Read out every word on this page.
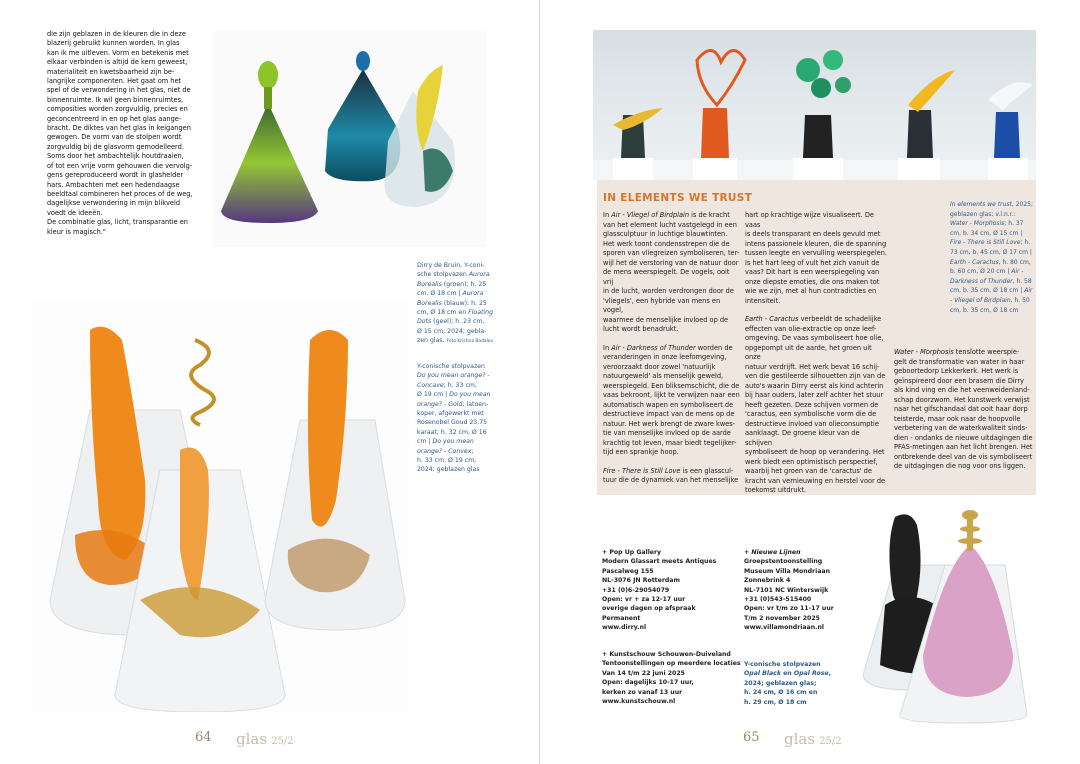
die zijn geblazen in de kleuren die in deze
blazerij gebruikt kunnen worden. In glas
kan ik me uitleven. Vorm en betekenis met
elkaar verbinden is altijd de kern geweest,
materialiteit en kwetsbaarheid zijn be-
langrijke componenten. Het gaat om het
spel of de verwondering in het glas, niet de
binnenruimte. Ik wil geen binnenruimtes,
composities worden zorgvuldig, precies en
geconcentreerd in en op het glas aange-
bracht. De diktes van het glas in keigangen
gewogen. De vorm van de stolpen wordt
zorgvuldig bij de glasvorm gemodelleerd.
Soms door het ambachtelijk houtdraaien,
of tot een vrije vorm gehouwen die vervolg-
gens gereproduceerd wordt in glashelder
hars. Ambachten met een hedendaagse
beeldtaal combineren het proces of de weg,
dagelijkse verwondering in mijn blikveld
voedt de ideeën.
De combinatie glas, licht, transparantie en
kleur is magisch."
Dirry de Bruin, Y-coni-
sche stolpvazen Aurora
Borealis (groen); h. 25
cm, Ø 18 cm | Aurora
Borealis (blauw); h. 25
cm, Ø 18 cm en Floating
Dots (geel); h. 23 cm,
Ø 15 cm; 2024; gebla-
zen glas. Foto Kristina Badalov
Y-conische stolpvazen
Do you mean orange? -
Concave; h. 33 cm,
Ø 19 cm | Do you mean
orange? - Gold; latoen-
koper, afgewerkt met
Rosenobel Goud 23,75
karaat; h. 32 cm, Ø 16
cm | Do you mean
orange? - Convex;
h. 33 cm, Ø 19 cm;
2024; geblazen glas
64 glas 25/2
IN ELEMENTS WE TRUST

In Air - Vliegel of Birdplain is de kracht
van het element lucht vastgelegd in een
glassculptuur in luchtige blauwtinten.
Het werk toont condensstrepen die de
sporen van vliegreizen symboliseren, ter-
wijl het de verstoring van de natuur door
de mens weerspiegelt. De vogels, ooit vrij
in de lucht, worden verdrongen door de
'vliegels', een hybride van mens en vogel,
waarmee de menselijke invloed op de
lucht wordt benadrukt.

In Air - Darkness of Thunder worden de
veranderingen in onze leefomgeving,
veroorzaakt door zowel 'natuurlijk
natuurgeweld' als menselijk geweld,
weerspiegeld. Een bliksemschicht, die de
vaas bekroont, lijkt te verwijzen naar een
automatisch wapen en symboliseert de
destructieve impact van de mens op de
natuur. Het werk brengt de zware kwes-
tie van menselijke invloed op de aarde
krachtig tot leven, maar biedt tegelijker-
tijd een sprankje hoop.

Fire - There is Still Love is een glasscul-
tuur die de dynamiek van het menselijke

hart op krachtige wijze visualiseert. De vaas
is deels transparant en deels gevuld met
intens passionele kleuren, die de spanning
tussen leegte en vervulling weerspiegelen.
Is het hart leeg of vult het zich vanuit de
vaas? Dit hart is een weerspiegeling van
onze diepste emoties, die ons maken tot
wie we zijn, met al hun contradicties en
intensiteit.

Earth - Caractus verbeeldt de schadelijke
effecten van olie-extractie op onze leef-
omgeving. De vaas symboliseert hoe olie,
opgepompt uit de aarde, het groen uit onze
natuur verdrijft. Het werk bevat 16 schij-
ven die gestileerde silhouetten zijn van de
auto's waarin Dirry eerst als kind achterin
bij haar ouders, later zelf achter het stuur
heeft gezeten. Deze schijven vormen de
'caractus, een symbolische vorm die de
destructieve invloed van olieconsumptie
aanklaagt. De groene kleur van de schijven
symboliseert de hoop op verandering. Het
werk biedt een optimistisch perspectief,
waarbij het groen van de 'caractus' de
kracht van vernieuwing en herstel voor de
toekomst uitdrukt.

In elements we trust, 2025;
geblazen glas; v.l.n.r.:
Water - Morphosis; h. 37
cm, b. 34 cm, Ø 15 cm |
Fire - There is Still Love; h.
73 cm, b. 45 cm, Ø 17 cm |
Earth - Caractus, h. 80 cm,
b. 60 cm, Ø 20 cm | Air -
Darkness of Thunder, h. 58
cm, b. 35 cm, Ø 18 cm | Air
- Vliegel of Birdplain, h. 50
cm, b. 35 cm, Ø 18 cm

Water - Morphosis tenslotte weerspie-
gelt de transformatie van water in haar
geboortedorp Lekkerkerk. Het werk is
geïnspireerd door een brasem die Dirry
als kind ving en die het veenweidenland-
schap doorzwom. Het kunstwerk verwijst
naar het gifschandaal dat ooit haar dorp
teisterde, maar ook naar de hoopvolle
verbetering van de waterkwaliteit sinds-
dien - ondanks de nieuwe uitdagingen die
PFAS-metingen aan het licht brengen. Het
ontbrekende deel van de vis symboliseert
de uitdagingen die nog voor ons liggen.

+ Pop Up Gallery
Modern Glassart meets Antiques
Pascalweg 155
NL-3076 JN Rotterdam
+31 (0)6-29054079
Open: vr + za 12-17 uur
overige dagen op afspraak
Permanent
www.dirry.nl
+ Kunstschouw Schouwen-Duiveland
Tentoonstellingen op meerdere locaties
Van 14 t/m 22 juni 2025
Open: dagelijks 10-17 uur,
kerken zo vanaf 13 uur
www.kunstschouw.nl
+ Nieuwe Lijnen
Groepstentoonstelling
Museum Villa Mondriaan
Zonnebrink 4
NL-7101 NC Winterswijk
+31 (0)543-515400
Open: vr t/m zo 11-17 uur
T/m 2 november 2025
www.villamondriaan.nl
Y-conische stolpvazen
Opal Black en Opal Rose,
2024; geblazen glas;
h. 24 cm, Ø 16 cm en
h. 29 cm, Ø 18 cm
65 glas 25/2
